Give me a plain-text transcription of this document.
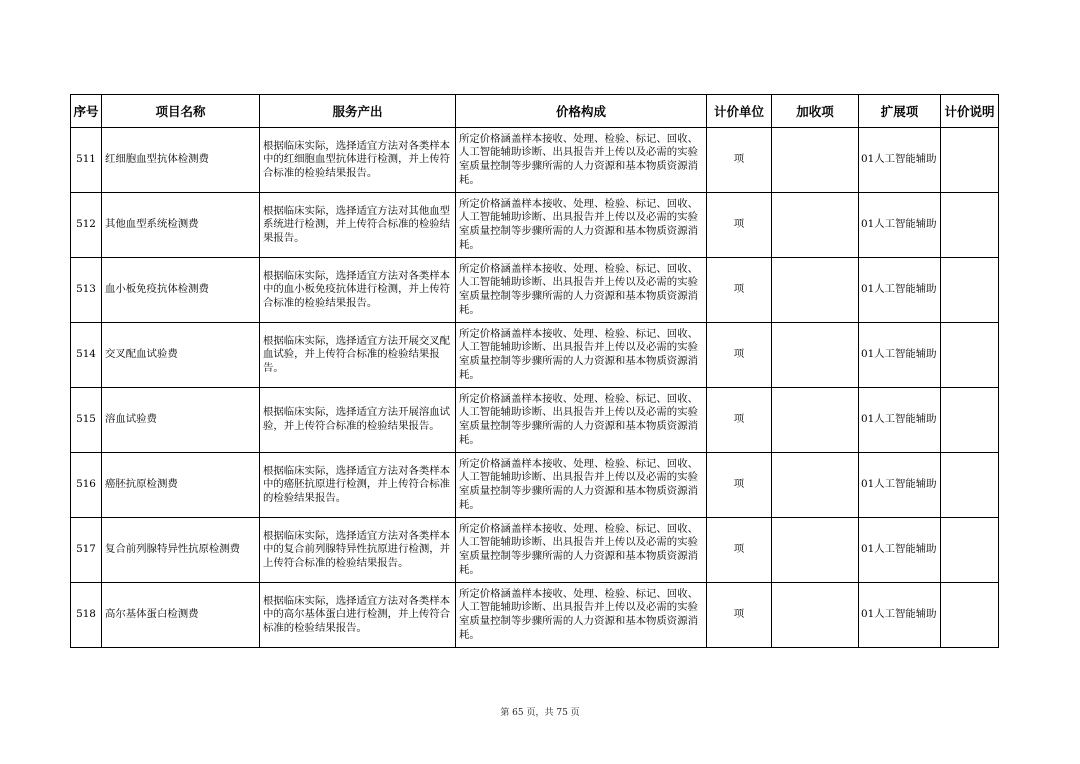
序号	项目名称	服务产出	价格构成	计价单位	加收项	扩展项	计价说明
511	红细胞血型抗体检测费	根据临床实际，选择适宜方法对各类样本中的红细胞血型抗体进行检测，并上传符合标准的检验结果报告。	所定价格涵盖样本接收、处理、检验、标记、回收、人工智能辅助诊断、出具报告并上传以及必需的实验室质量控制等步骤所需的人力资源和基本物质资源消耗。	项		01人工智能辅助	
512	其他血型系统检测费	根据临床实际，选择适宜方法对其他血型系统进行检测，并上传符合标准的检验结果报告。	所定价格涵盖样本接收、处理、检验、标记、回收、人工智能辅助诊断、出具报告并上传以及必需的实验室质量控制等步骤所需的人力资源和基本物质资源消耗。	项		01人工智能辅助	
513	血小板免疫抗体检测费	根据临床实际，选择适宜方法对各类样本中的血小板免疫抗体进行检测，并上传符合标准的检验结果报告。	所定价格涵盖样本接收、处理、检验、标记、回收、人工智能辅助诊断、出具报告并上传以及必需的实验室质量控制等步骤所需的人力资源和基本物质资源消耗。	项		01人工智能辅助	
514	交叉配血试验费	根据临床实际，选择适宜方法开展交叉配血试验，并上传符合标准的检验结果报告。	所定价格涵盖样本接收、处理、检验、标记、回收、人工智能辅助诊断、出具报告并上传以及必需的实验室质量控制等步骤所需的人力资源和基本物质资源消耗。	项		01人工智能辅助	
515	溶血试验费	根据临床实际，选择适宜方法开展溶血试验，并上传符合标准的检验结果报告。	所定价格涵盖样本接收、处理、检验、标记、回收、人工智能辅助诊断、出具报告并上传以及必需的实验室质量控制等步骤所需的人力资源和基本物质资源消耗。	项		01人工智能辅助	
516	癌胚抗原检测费	根据临床实际，选择适宜方法对各类样本中的癌胚抗原进行检测，并上传符合标准的检验结果报告。	所定价格涵盖样本接收、处理、检验、标记、回收、人工智能辅助诊断、出具报告并上传以及必需的实验室质量控制等步骤所需的人力资源和基本物质资源消耗。	项		01人工智能辅助	
517	复合前列腺特异性抗原检测费	根据临床实际，选择适宜方法对各类样本中的复合前列腺特异性抗原进行检测，并上传符合标准的检验结果报告。	所定价格涵盖样本接收、处理、检验、标记、回收、人工智能辅助诊断、出具报告并上传以及必需的实验室质量控制等步骤所需的人力资源和基本物质资源消耗。	项		01人工智能辅助	
518	高尔基体蛋白检测费	根据临床实际，选择适宜方法对各类样本中的高尔基体蛋白进行检测，并上传符合标准的检验结果报告。	所定价格涵盖样本接收、处理、检验、标记、回收、人工智能辅助诊断、出具报告并上传以及必需的实验室质量控制等步骤所需的人力资源和基本物质资源消耗。	项		01人工智能辅助	
第 65 页，共 75 页
